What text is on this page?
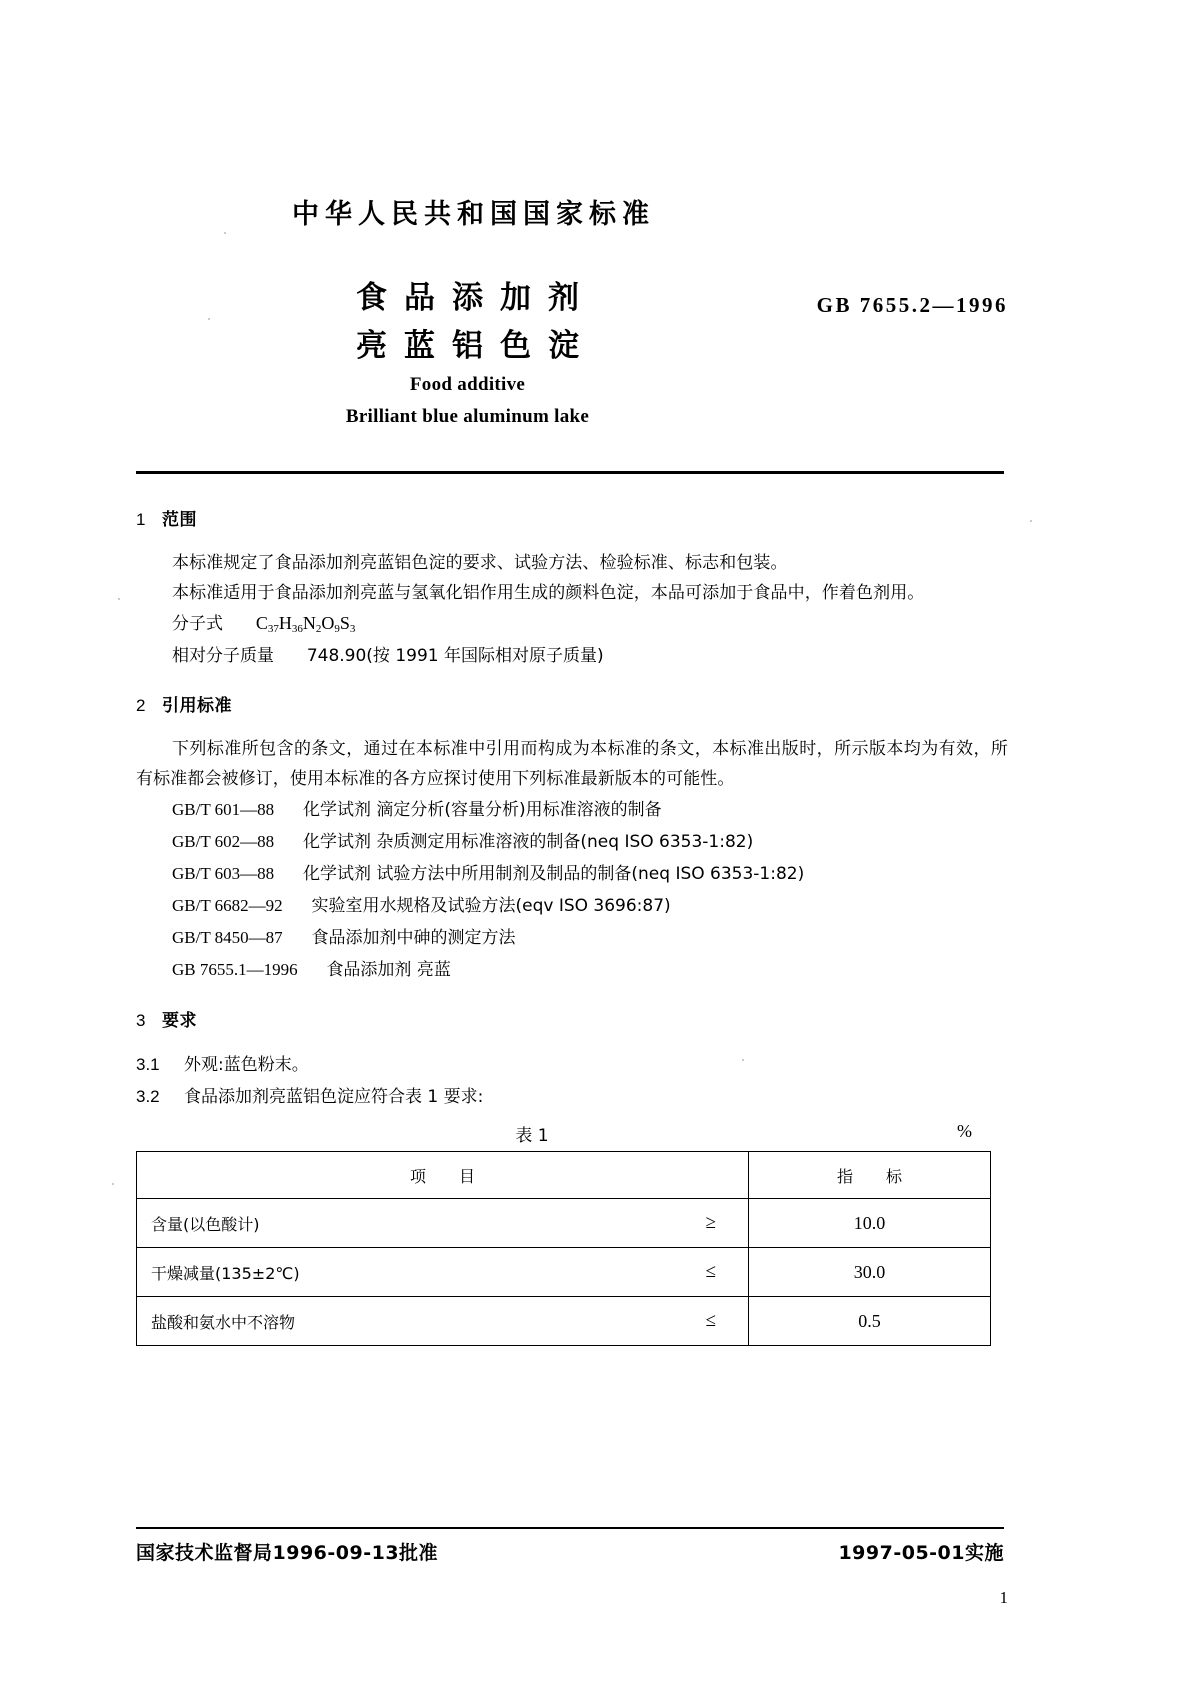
中华人民共和国国家标准
食品添加剂
亮蓝铝色淀
GB 7655.2—1996
Food additive
Brilliant blue aluminum lake
1 范围

本标准规定了食品添加剂亮蓝铝色淀的要求、试验方法、检验标准、标志和包装。

本标准适用于食品添加剂亮蓝与氢氧化铝作用生成的颜料色淀，本品可添加于食品中，作着色剂用。

分子式 $C_{37}H_{36}N_2O_9S_3$
相对分子质量 748.90(按 1991 年国际相对原子质量)
2 引用标准

下列标准所包含的条文，通过在本标准中引用而构成为本标准的条文，本标准出版时，所示版本均为有效，所有标准都会被修订，使用本标准的各方应探讨使用下列标准最新版本的可能性。

GB/T 601—88 化学试剂 滴定分析(容量分析)用标准溶液的制备
GB/T 602—88 化学试剂 杂质测定用标准溶液的制备(neq ISO 6353-1:82)
GB/T 603—88 化学试剂 试验方法中所用制剂及制品的制备(neq ISO 6353-1:82)
GB/T 6682—92 实验室用水规格及试验方法(eqv ISO 3696:87)
GB/T 8450—87 食品添加剂中砷的测定方法
GB 7655.1—1996 食品添加剂 亮蓝
3 要求

3.1 外观:蓝色粉末。

3.2 食品添加剂亮蓝铝色淀应符合表 1 要求:

表 1	%
项 目	指 标
含量(以色酸计) ≥	10.0
干燥减量(135±2℃) ≤	30.0
盐酸和氨水中不溶物 ≤	0.5
国家技术监督局1996-09-13批准	1997-05-01实施
1
